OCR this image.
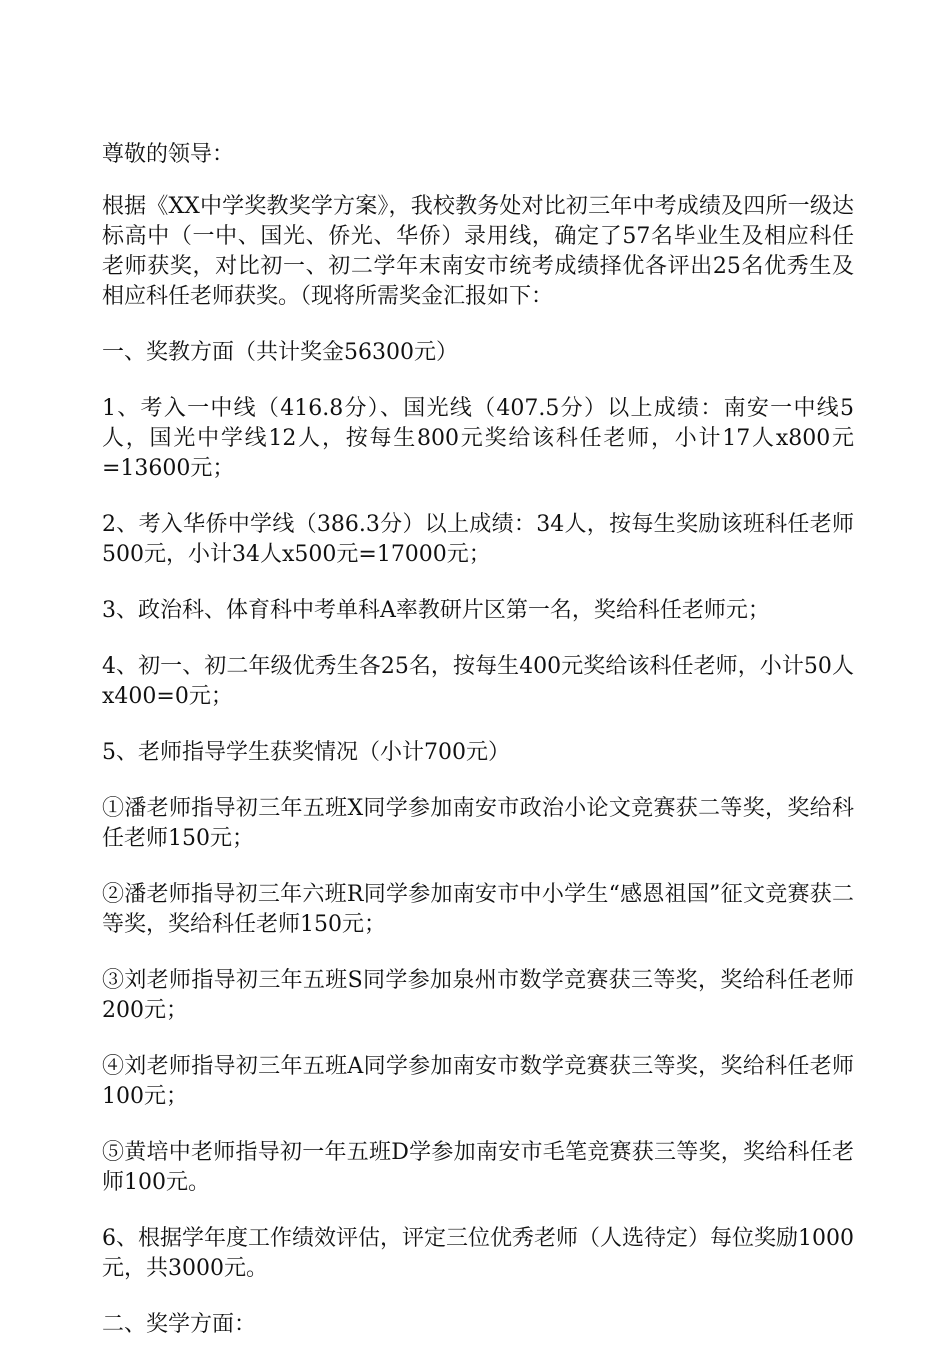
尊敬的领导：

根据《XX中学奖教奖学方案》，我校教务处对比初三年中考成绩及四所一级达标高中（一中、国光、侨光、华侨）录用线，确定了57名毕业生及相应科任老师获奖，对比初一、初二学年末南安市统考成绩择优各评出25名优秀生及相应科任老师获奖。（现将所需奖金汇报如下：

一、奖教方面（共计奖金56300元）

1、考入一中线（416.8分）、国光线（407.5分）以上成绩：南安一中线5人，国光中学线12人，按每生800元奖给该科任老师，小计17人x800元=13600元；

2、考入华侨中学线（386.3分）以上成绩：34人，按每生奖励该班科任老师500元，小计34人x500元=17000元；

3、政治科、体育科中考单科A率教研片区第一名，奖给科任老师元；

4、初一、初二年级优秀生各25名，按每生400元奖给该科任老师，小计50人x400=0元；

5、老师指导学生获奖情况（小计700元）

①潘老师指导初三年五班X同学参加南安市政治小论文竞赛获二等奖，奖给科任老师150元；

②潘老师指导初三年六班R同学参加南安市中小学生“感恩祖国”征文竞赛获二等奖，奖给科任老师150元；

③刘老师指导初三年五班S同学参加泉州市数学竞赛获三等奖，奖给科任老师200元；

④刘老师指导初三年五班A同学参加南安市数学竞赛获三等奖，奖给科任老师100元；

⑤黄培中老师指导初一年五班D学参加南安市毛笔竞赛获三等奖，奖给科任老师100元。

6、根据学年度工作绩效评估，评定三位优秀老师（人选待定）每位奖励1000元，共3000元。

二、奖学方面：
